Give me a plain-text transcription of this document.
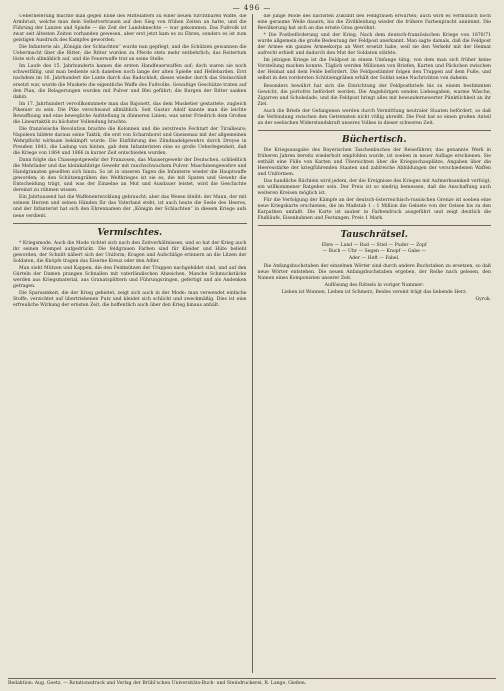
— 496 —

Ueberlieferung machte man gegen Ende des Mittelalters zu einer neuen furchtbaren Waffe, die Armbrust, welche man dem Selbstvertrauen auf den Sieg von frühen Zeiten an hatte, und die Führung der Lanzen und Spieße — die Zeit der Landsknechte — war gekommen. Das Fußvolk ist zwar seit ältesten Zeiten vorhanden gewesen, aber erst jetzt kam es zu Ehren, sonders es ist zum geistigen Ausdruck des Kampfes geworden.

Die Infanterie als „Königin der Schlachten“ wurde nun gepflegt, und die Schützen gewannen die Uebermacht über die Ritter; die Ritter wurden zu Pferde stets mehr entbehrlich; das Reitertum löste sich allmählich auf, und die Feuerwaffe trat an seine Stelle.

Im Laufe des 15. Jahrhunderts kamen die ersten Handfeuerwaffen auf; doch waren sie noch schwerfällig, und man bediente sich daneben noch lange der alten Spieße und Hellebarden. Erst nachdem im 16. Jahrhundert die Lunte durch das Radschloß, dieses wieder durch das Steinschloß ersetzt war, wurde die Muskete die eigentliche Waffe des Fußvolks. Gewaltige Geschütze traten auf den Plan, die Belagerungen wurden mit Pulver und Blei geführt; die Burgen der Ritter sanken dahin.

Im 17. Jahrhundert vervollkommnete man das Bajonett, das dem Musketier gestattete, zugleich Pikenier zu sein. Die Pike verschwand allmählich. Seit Gustav Adolf kannte man die leichte Bewaffnung und eine bewegliche Aufstellung in dünneren Linien, was unter Friedrich dem Großen die Lineartaktik zu höchster Vollendung brachte.

Die französische Revolution brachte die Kolonnen und die zerstreute Fechtart der Tirailleure; Napoleon bildete daraus seine Taktik, die erst von Scharnhorst und Gneisenau mit der allgemeinen Wehrpflicht wirksam bekämpft wurde. Die Einführung des Zündnadelgewehrs durch Dreyse in Preußen 1841, die Ladung von hinten, gab dem Infanteristen eine so große Ueberlegenheit, daß die Kriege von 1864 und 1866 in kurzer Zeit entschieden wurden.

Dann folgte das Chassepotgewehr der Franzosen, das Mausergewehr der Deutschen, schließlich die Mehrlader und das kleinkalibrige Gewehr mit rauchschwachem Pulver. Maschinengewehre und Handgranaten gesellten sich hinzu. So ist in unseren Tagen die Infanterie wieder die Hauptwaffe geworden; in den Schützengräben des Weltkrieges ist sie es, die mit Spaten und Gewehr die Entscheidung trägt, und was der Einzelne an Mut und Ausdauer leistet, wird die Geschichte dereinst zu rühmen wissen.

Ein Jahrtausend hat die Waffenentwicklung gebraucht; aber das Wesen bleibt: der Mann, der mit seinem Herzen und seinen Händen für das Vaterland steht, ist auch heute die Seele des Heeres, und der Infanterist hat sich den Ehrennamen der „Königin der Schlachten“ in diesem Kriege aufs neue verdient.

Vermischtes.

* Kriegsmode. Auch die Mode richtet sich nach den Zeitverhältnissen, und so hat der Krieg auch ihr seinen Stempel aufgedrückt. Die feldgrauen Farben sind für Kleider und Hüte beliebt geworden, der Schnitt nähert sich der Uniform; Kragen und Aufschläge erinnern an die Litzen der Soldaten, die Knöpfe tragen das Eiserne Kreuz oder den Adler.

Man sieht Mützen und Kappen, die den Feldmützen der Truppen nachgebildet sind, und auf den Gürteln der Damen prangen Schnallen mit vaterländischen Abzeichen. Manche Schmuckstücke werden aus Kriegsmaterial, aus Granatsplittern und Führungsringen, gefertigt und als Andenken getragen.

Die Sparsamkeit, die der Krieg gebietet, zeigt sich auch in der Mode: man verwendet einfache Stoffe, verzichtet auf übertriebenen Putz und kleidet sich schlicht und zweckmäßig. Dies ist eine erfreuliche Wirkung der ernsten Zeit, die hoffentlich auch über den Krieg hinaus anhält.

die junge Mode des nächsten Zukunft des Feldgrauen erwarten; auch wird es vermutlich noch eine geraume Weile dauern, bis die Zivilkleidung wieder die frühere Farbenpracht annimmt. Die Bevölkerung hat sich an das ernste Grau gewöhnt.

* Die Postbeförderung und der Krieg. Nach dem deutsch-französischen Kriege von 1870/71 wurde allgemein die große Bedeutung der Feldpost anerkannt. Man sagte damals, daß die Feldpost der Armee ein ganzes Armeekorps an Wert ersetzt habe, weil sie den Verkehr mit der Heimat aufrecht erhielt und dadurch den Mut der Soldaten stärkte.

Im jetzigen Kriege ist die Feldpost in einem Umfange tätig, von dem man sich früher keine Vorstellung machen konnte. Täglich werden Millionen von Briefen, Karten und Päckchen zwischen der Heimat und dem Felde befördert. Die Feldpostämter folgen den Truppen auf dem Fuße, und selbst in den vordersten Schützengräben erhält der Soldat seine Nachrichten von daheim.

Besonders bewährt hat sich die Einrichtung der Feldpostbriefe bis zu einem bestimmten Gewicht, die portofrei befördert werden. Die Angehörigen senden Liebesgaben, warme Wäsche, Zigarren und Schokolade, und die Feldpost bringt alles mit bewundernswerter Pünktlichkeit an ihr Ziel.

Auch die Briefe der Gefangenen werden durch Vermittlung neutraler Staaten befördert, so daß die Verbindung zwischen den Getrennten nicht völlig abreißt. Die Post hat so einen großen Anteil an der seelischen Widerstandskraft unseres Volkes in dieser schweren Zeit.

Büchertisch.

Die Kriegsausgabe des Bayerischen Taschenbuches der Reiseführer, das genannte Werk in früheren Jahren bereits wiederholt empfohlen wurde, ist soeben in neuer Auflage erschienen. Sie enthält eine Fülle von Karten und Übersichten über die Kriegsschauplätze, Angaben über die Heeresstärke der kriegführenden Staaten und zahlreiche Abbildungen der verschiedenen Waffen und Uniformen.

Das handliche Büchlein wird jedem, der die Ereignisse des Krieges mit Aufmerksamkeit verfolgt, ein willkommener Ratgeber sein. Der Preis ist so niedrig bemessen, daß die Anschaffung auch weiteren Kreisen möglich ist.

Für die Verfolgung der Kämpfe an der deutsch-österreichisch-russischen Grenze ist soeben eine neue Kriegskarte erschienen, die im Maßstab 1 : 1 Million die Gebiete von der Ostsee bis zu den Karpathen umfaßt. Die Karte ist sauber in Farbendruck ausgeführt und zeigt deutlich die Flußläufe, Eisenbahnen und Festungen. Preis 1 Mark.

Tauschrätsel.
Ehre — Land — Rad — Stiel — Puder — Zopf
— Buch — Uhr — Segen — Knopf — Gabe —
Ader — Heft — Fabel.

Die Anfangsbuchstaben der einzelnen Wörter sind durch andere Buchstaben zu ersetzen, so daß neue Wörter entstehen. Die neuen Anfangsbuchstaben ergeben, der Reihe nach gelesen, den Namen eines Komponisten unserer Zeit.

Auflösung des Rätsels in voriger Nummer:

Lieben ist Wonnen, Lieben ist Schmerz, Beides vereint trägt das liebende Herz.

Gyrok.
Redaktion: Aug. Goetz. — Rotationsdruck und Verlag der Brühl'schen Universitäts-Buch- und Steindruckerei, R. Lange, Gießen.
